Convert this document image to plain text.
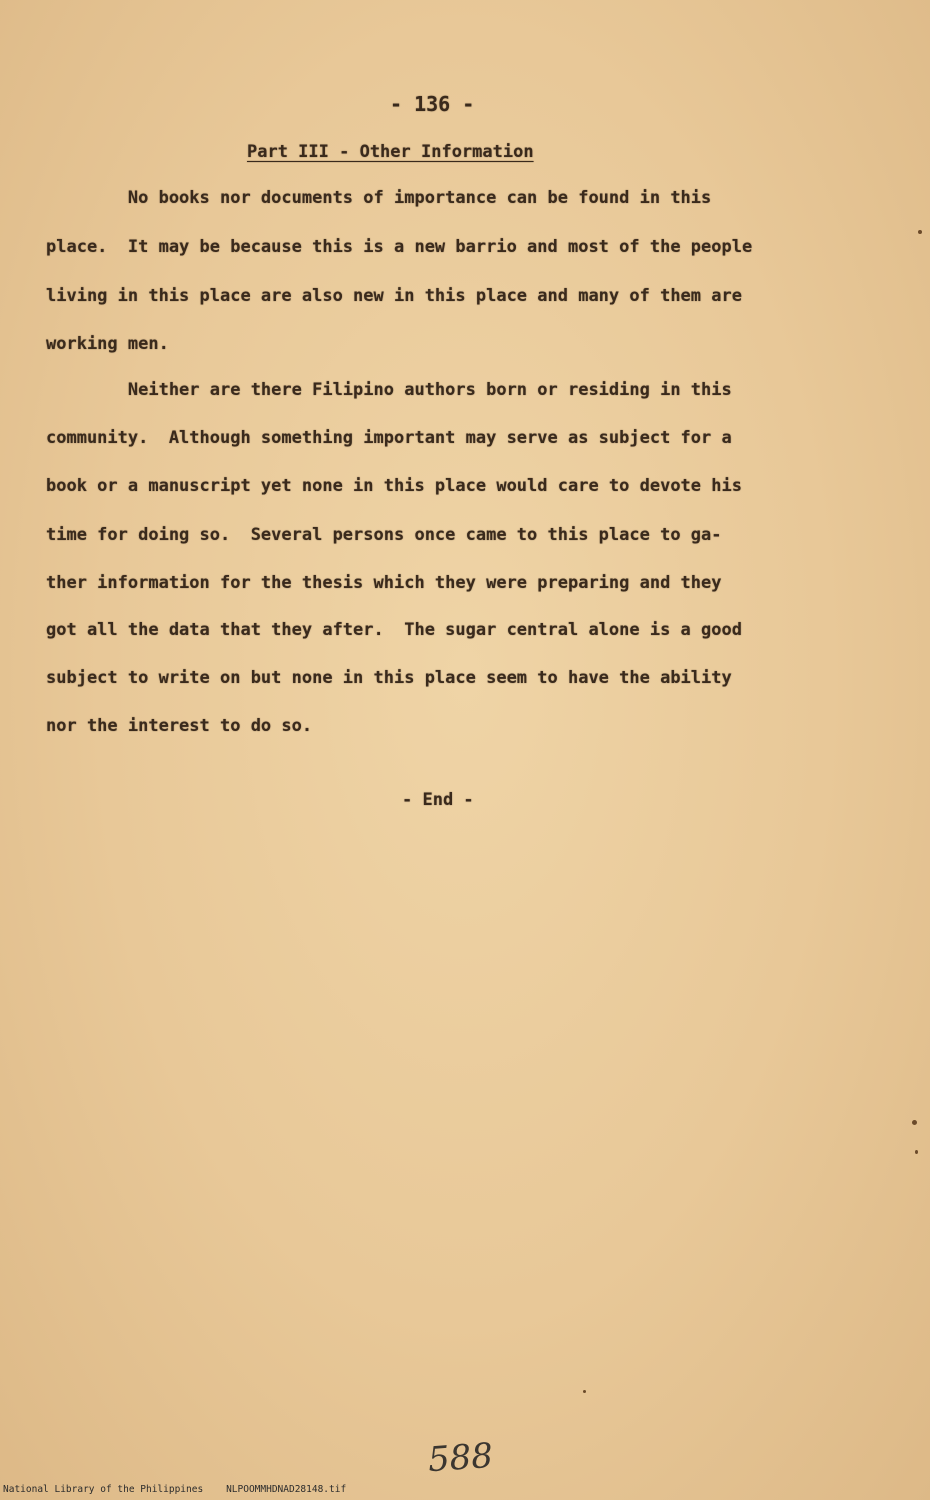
- 136 -
Part III - Other Information
No books nor documents of importance can be found in this
place.  It may be because this is a new barrio and most of the people
living in this place are also new in this place and many of them are
working men.
Neither are there Filipino authors born or residing in this
community.  Although something important may serve as subject for a
book or a manuscript yet none in this place would care to devote his
time for doing so.  Several persons once came to this place to ga-
ther information for the thesis which they were preparing and they
got all the data that they after.  The sugar central alone is a good
subject to write on but none in this place seem to have the ability
nor the interest to do so.
- End -
588
National Library of the Philippines NLPOOMMHDNAD28148.tif
